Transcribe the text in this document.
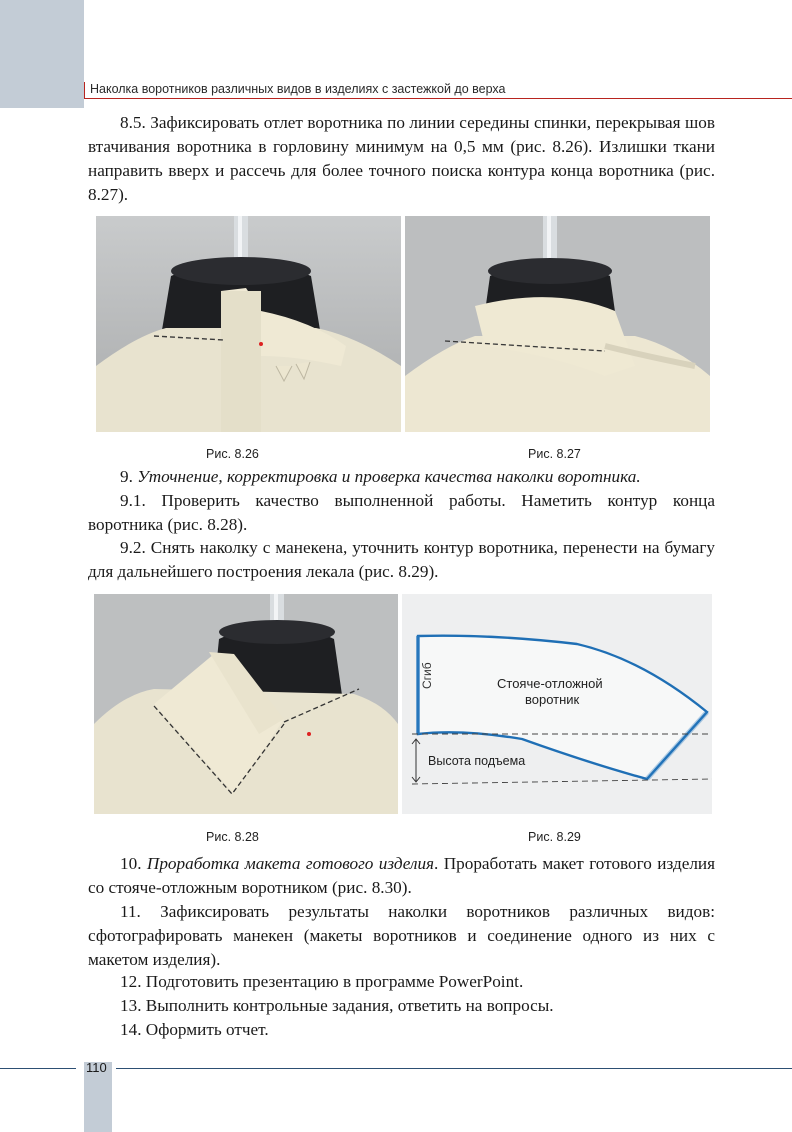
Наколка воротников различных видов в изделиях с застежкой до верха

8.5. Зафиксировать отлет воротника по линии середины спинки, перекрывая шов втачивания воротника в горловину минимум на 0,5 мм (рис. 8.26). Излишки ткани направить вверх и рассечь для более точного поиска контура конца воротника (рис. 8.27).

Рис. 8.26	Рис. 8.27

9. Уточнение, корректировка и проверка качества наколки воротника.

9.1. Проверить качество выполненной работы. Наметить контур конца воротника (рис. 8.28).

9.2. Снять наколку с манекена, уточнить контур воротника, перенести на бумагу для дальнейшего построения лекала (рис. 8.29).

Сгиб	Стояче-отложной
воротник
Высота подъема
Рис. 8.28	Рис. 8.29

10. Проработка макета готового изделия. Проработать макет готового изделия со стояче-отложным воротником (рис. 8.30).

11. Зафиксировать результаты наколки воротников различных видов: сфотографировать манекен (макеты воротников и соединение одного из них с макетом изделия).

12. Подготовить презентацию в программе PowerPoint.

13. Выполнить контрольные задания, ответить на вопросы.

14. Оформить отчет.

110
